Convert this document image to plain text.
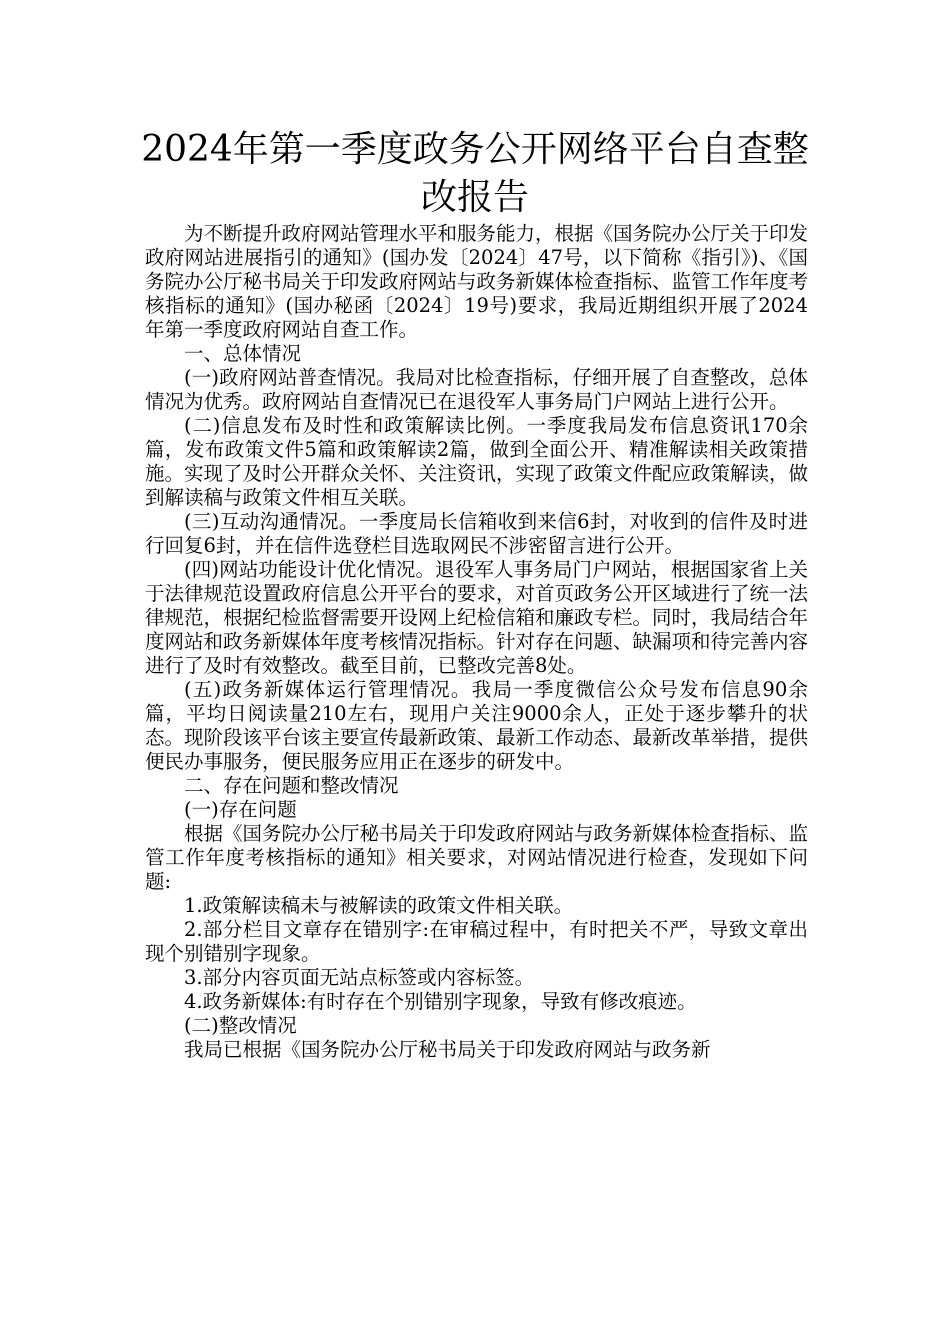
2024年第一季度政务公开网络平台自查整改报告

为不断提升政府网站管理水平和服务能力，根据《国务院办公厅关于印发政府网站进展指引的通知》(国办发〔2024〕47号，以下简称《指引》)、《国务院办公厅秘书局关于印发政府网站与政务新媒体检查指标、监管工作年度考核指标的通知》(国办秘函〔2024〕19号)要求，我局近期组织开展了2024年第一季度政府网站自查工作。

一、总体情况

(一)政府网站普查情况。我局对比检查指标，仔细开展了自查整改，总体情况为优秀。政府网站自查情况已在退役军人事务局门户网站上进行公开。

(二)信息发布及时性和政策解读比例。一季度我局发布信息资讯170余篇，发布政策文件5篇和政策解读2篇，做到全面公开、精准解读相关政策措施。实现了及时公开群众关怀、关注资讯，实现了政策文件配应政策解读，做到解读稿与政策文件相互关联。

(三)互动沟通情况。一季度局长信箱收到来信6封，对收到的信件及时进行回复6封，并在信件选登栏目选取网民不涉密留言进行公开。

(四)网站功能设计优化情况。退役军人事务局门户网站，根据国家省上关于法律规范设置政府信息公开平台的要求，对首页政务公开区域进行了统一法律规范，根据纪检监督需要开设网上纪检信箱和廉政专栏。同时，我局结合年度网站和政务新媒体年度考核情况指标。针对存在问题、缺漏项和待完善内容进行了及时有效整改。截至目前，已整改完善8处。

(五)政务新媒体运行管理情况。我局一季度微信公众号发布信息90余篇，平均日阅读量210左右，现用户关注9000余人，正处于逐步攀升的状态。现阶段该平台该主要宣传最新政策、最新工作动态、最新改革举措，提供便民办事服务，便民服务应用正在逐步的研发中。

二、存在问题和整改情况

(一)存在问题

根据《国务院办公厅秘书局关于印发政府网站与政务新媒体检查指标、监管工作年度考核指标的通知》相关要求，对网站情况进行检查，发现如下问题:

1.政策解读稿未与被解读的政策文件相关联。

2.部分栏目文章存在错别字:在审稿过程中，有时把关不严，导致文章出现个别错别字现象。

3.部分内容页面无站点标签或内容标签。

4.政务新媒体:有时存在个别错别字现象，导致有修改痕迹。

(二)整改情况

我局已根据《国务院办公厅秘书局关于印发政府网站与政务新
